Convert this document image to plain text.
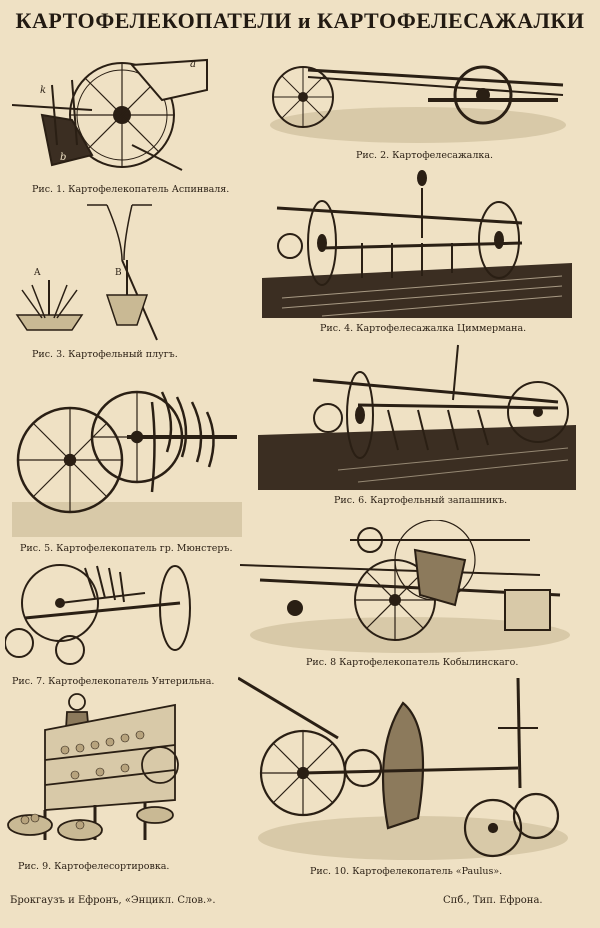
КАРТОФЕЛЕКОПАТЕЛИ и КАРТОФЕЛЕСАЖАЛКИ
a
b
k
Рис. 1. Картофелекопатель Аспинваля.
Рис. 2. Картофелесажалка.
A	B
Рис. 3. Картофельный плугъ.
Рис. 4. Картофелесажалка Циммермана.
Рис. 5. Картофелекопатель гр. Мюнстеръ.
Рис. 6. Картофельный запашникъ.
Рис. 7. Картофелекопатель Унтерильна.
Рис. 8 Картофелекопатель Кобылинскаго.
Рис. 9. Картофелесортировка.	Рис. 10. Картофелекопатель «Paulus».
Брокгаузъ и Ефронъ, «Энцикл. Слов.».	Спб., Тип. Ефрона.
